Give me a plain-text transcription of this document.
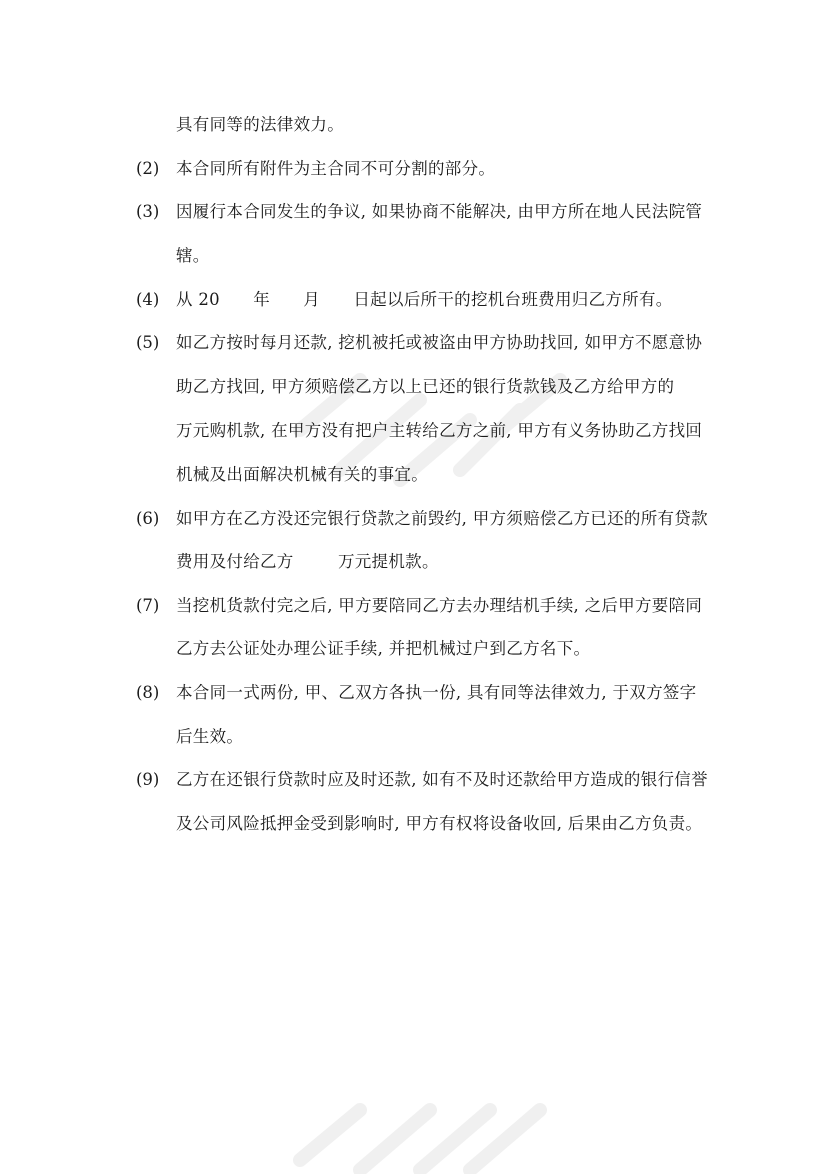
具有同等的法律效力。
(2) 本合同所有附件为主合同不可分割的部分。
(3) 因履行本合同发生的争议, 如果协商不能解决, 由甲方所在地人民法院管
辖。
(4) 从 20      年      月      日起以后所干的挖机台班费用归乙方所有。
(5) 如乙方按时每月还款, 挖机被托或被盗由甲方协助找回, 如甲方不愿意协
助乙方找回, 甲方须赔偿乙方以上已还的银行货款钱及乙方给甲方的
万元购机款, 在甲方没有把户主转给乙方之前, 甲方有义务协助乙方找回
机械及出面解决机械有关的事宜。
(6) 如甲方在乙方没还完银行贷款之前毁约, 甲方须赔偿乙方已还的所有贷款
费用及付给乙方        万元提机款。
(7) 当挖机货款付完之后, 甲方要陪同乙方去办理结机手续, 之后甲方要陪同
乙方去公证处办理公证手续, 并把机械过户到乙方名下。
(8) 本合同一式两份, 甲、乙双方各执一份, 具有同等法律效力, 于双方签字
后生效。
(9) 乙方在还银行贷款时应及时还款, 如有不及时还款给甲方造成的银行信誉
及公司风险抵押金受到影响时, 甲方有权将设备收回, 后果由乙方负责。
